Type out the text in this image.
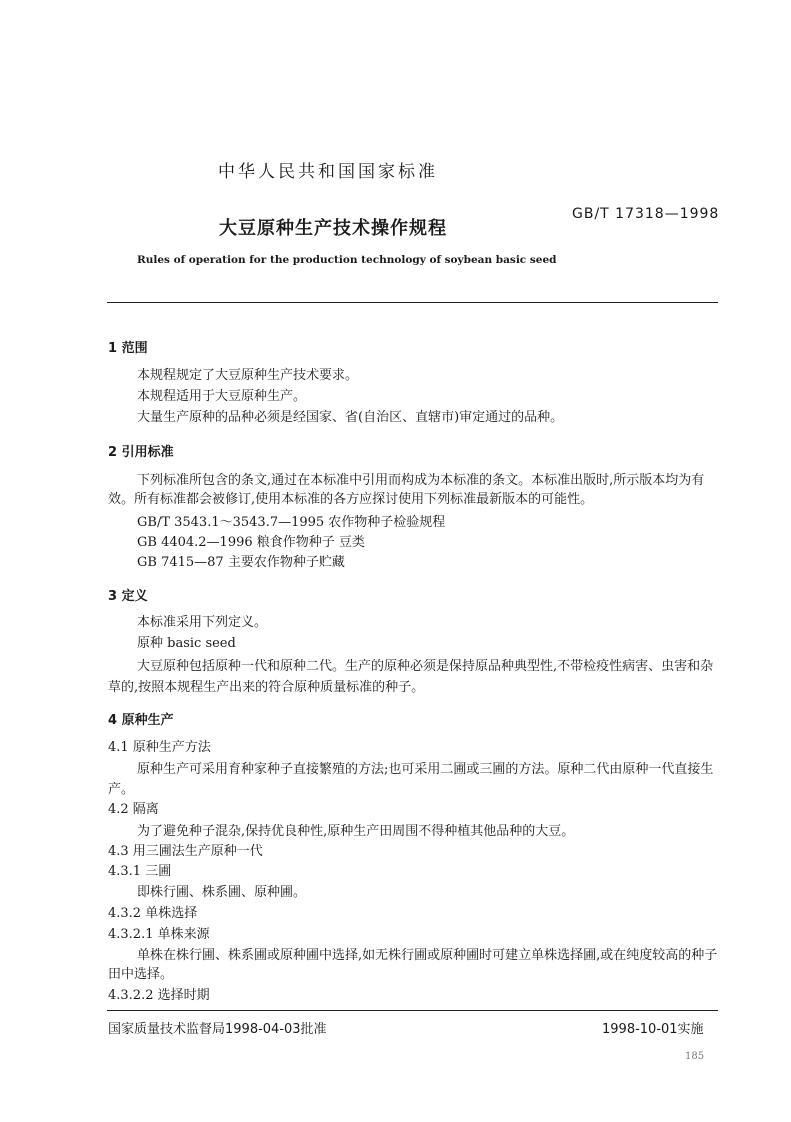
中华人民共和国国家标准
GB/T 17318—1998
大豆原种生产技术操作规程
Rules of operation for the production technology of soybean basic seed
1 范围
本规程规定了大豆原种生产技术要求。
本规程适用于大豆原种生产。
大量生产原种的品种必须是经国家、省(自治区、直辖市)审定通过的品种。
2 引用标准
下列标准所包含的条文,通过在本标准中引用而构成为本标准的条文。本标准出版时,所示版本均为有效。所有标准都会被修订,使用本标准的各方应探讨使用下列标准最新版本的可能性。
GB/T 3543.1～3543.7—1995 农作物种子检验规程
GB 4404.2—1996 粮食作物种子 豆类
GB 7415—87 主要农作物种子贮藏
3 定义
本标准采用下列定义。
原种 basic seed
大豆原种包括原种一代和原种二代。生产的原种必须是保持原品种典型性,不带检疫性病害、虫害和杂草的,按照本规程生产出来的符合原种质量标准的种子。
4 原种生产
4.1 原种生产方法
原种生产可采用育种家种子直接繁殖的方法;也可采用二圃或三圃的方法。原种二代由原种一代直接生产。
4.2 隔离
为了避免种子混杂,保持优良种性,原种生产田周围不得种植其他品种的大豆。
4.3 用三圃法生产原种一代
4.3.1 三圃
即株行圃、株系圃、原种圃。
4.3.2 单株选择
4.3.2.1 单株来源
单株在株行圃、株系圃或原种圃中选择,如无株行圃或原种圃时可建立单株选择圃,或在纯度较高的种子田中选择。
4.3.2.2 选择时期
国家质量技术监督局1998-04-03批准	1998-10-01实施
185
